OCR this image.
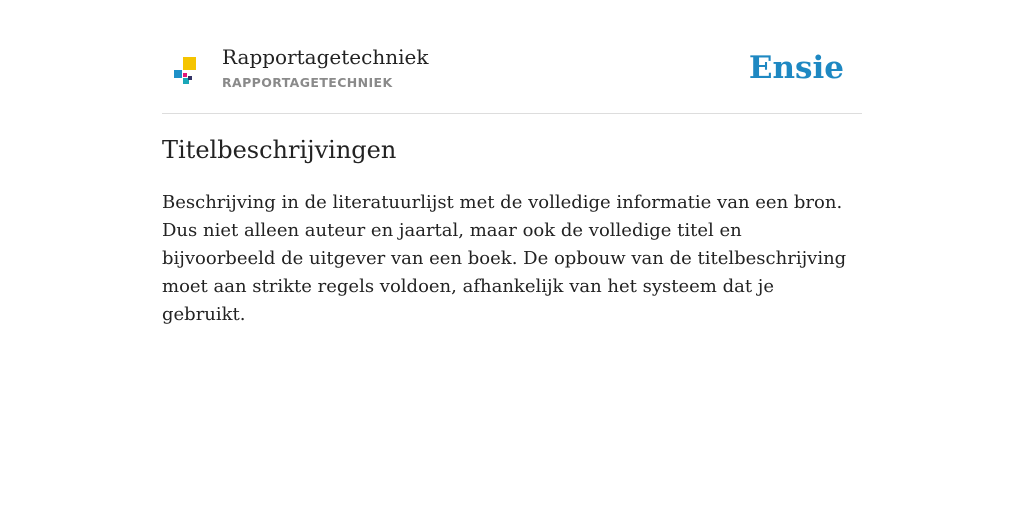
Rapportagetechniek
RAPPORTAGETECHNIEK	Ensie
Titelbeschrijvingen

Beschrijving in de literatuurlijst met de volledige informatie van een bron. Dus niet alleen auteur en jaartal, maar ook de volledige titel en bijvoorbeeld de uitgever van een boek. De opbouw van de titelbeschrijving moet aan strikte regels voldoen, afhankelijk van het systeem dat je gebruikt.
